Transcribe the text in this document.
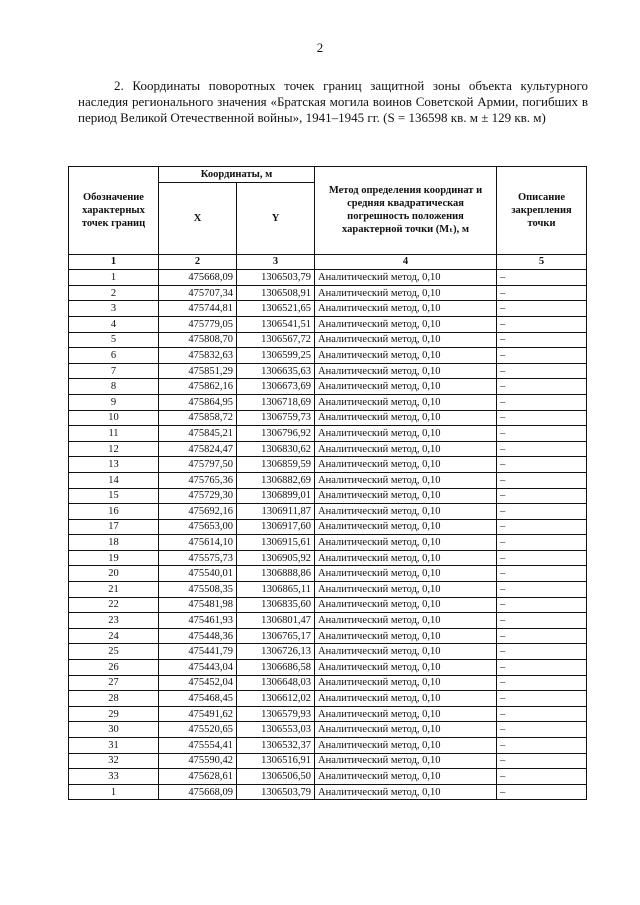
2

2. Координаты поворотных точек границ защитной зоны объекта культурного наследия регионального значения «Братская могила воинов Советской Армии, погибших в период Великой Отечественной войны», 1941–1945 гг. (S = 136598 кв. м ± 129 кв. м)

Обозначение характерных точек границ	Координаты, м		Метод определения координат и средняя квадратическая погрешность положения характерной точки (Mₜ), м	Описание закрепления точки
	X	Y		
1	2	3	4	5
1	475668,09	1306503,79	Аналитический метод, 0,10	–
2	475707,34	1306508,91	Аналитический метод, 0,10	–
3	475744,81	1306521,65	Аналитический метод, 0,10	–
4	475779,05	1306541,51	Аналитический метод, 0,10	–
5	475808,70	1306567,72	Аналитический метод, 0,10	–
6	475832,63	1306599,25	Аналитический метод, 0,10	–
7	475851,29	1306635,63	Аналитический метод, 0,10	–
8	475862,16	1306673,69	Аналитический метод, 0,10	–
9	475864,95	1306718,69	Аналитический метод, 0,10	–
10	475858,72	1306759,73	Аналитический метод, 0,10	–
11	475845,21	1306796,92	Аналитический метод, 0,10	–
12	475824,47	1306830,62	Аналитический метод, 0,10	–
13	475797,50	1306859,59	Аналитический метод, 0,10	–
14	475765,36	1306882,69	Аналитический метод, 0,10	–
15	475729,30	1306899,01	Аналитический метод, 0,10	–
16	475692,16	1306911,87	Аналитический метод, 0,10	–
17	475653,00	1306917,60	Аналитический метод, 0,10	–
18	475614,10	1306915,61	Аналитический метод, 0,10	–
19	475575,73	1306905,92	Аналитический метод, 0,10	–
20	475540,01	1306888,86	Аналитический метод, 0,10	–
21	475508,35	1306865,11	Аналитический метод, 0,10	–
22	475481,98	1306835,60	Аналитический метод, 0,10	–
23	475461,93	1306801,47	Аналитический метод, 0,10	–
24	475448,36	1306765,17	Аналитический метод, 0,10	–
25	475441,79	1306726,13	Аналитический метод, 0,10	–
26	475443,04	1306686,58	Аналитический метод, 0,10	–
27	475452,04	1306648,03	Аналитический метод, 0,10	–
28	475468,45	1306612,02	Аналитический метод, 0,10	–
29	475491,62	1306579,93	Аналитический метод, 0,10	–
30	475520,65	1306553,03	Аналитический метод, 0,10	–
31	475554,41	1306532,37	Аналитический метод, 0,10	–
32	475590,42	1306516,91	Аналитический метод, 0,10	–
33	475628,61	1306506,50	Аналитический метод, 0,10	–
1	475668,09	1306503,79	Аналитический метод, 0,10	–
